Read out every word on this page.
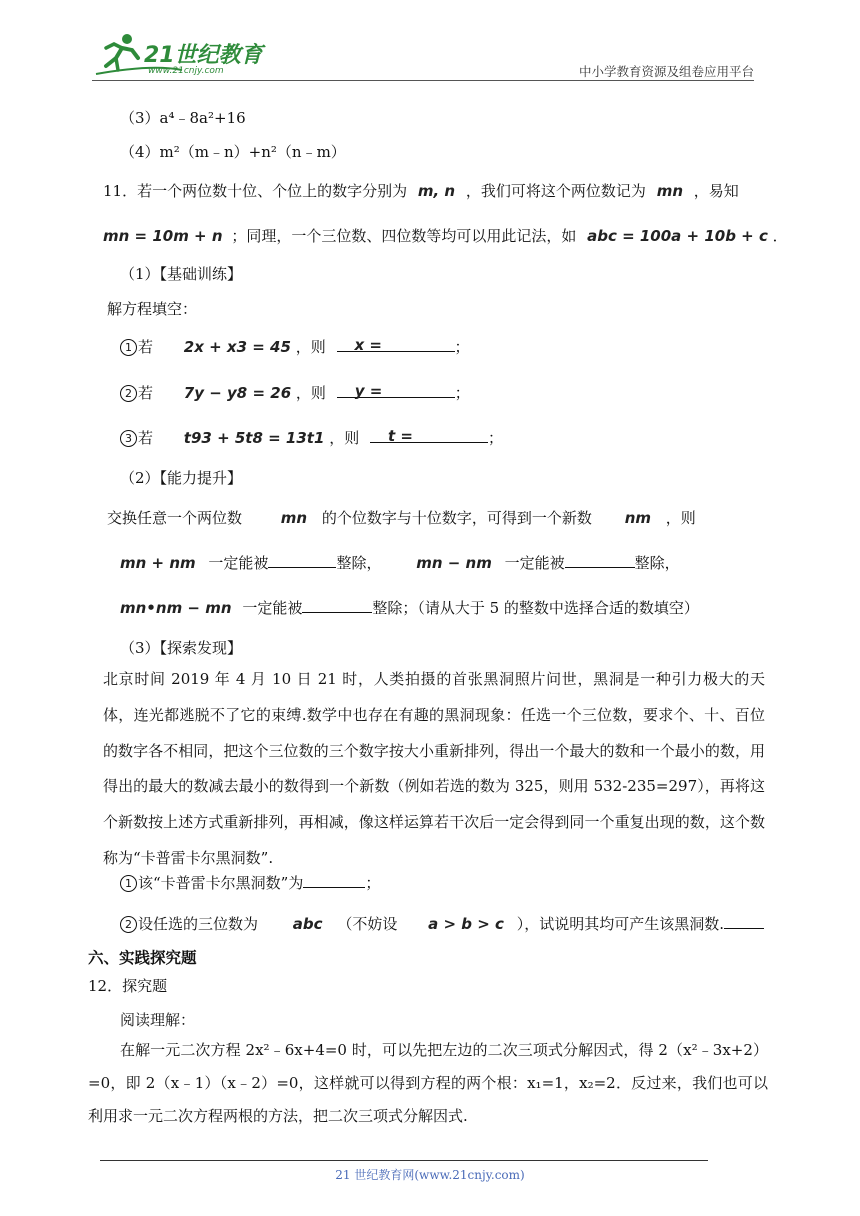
21世纪教育
www.21cnjy.com	中小学教育资源及组卷应用平台
（3）a⁴﹣8a²+16
（4）m²（m﹣n）+n²（n﹣m）
11．若一个两位数十位、个位上的数字分别为 m, n ，我们可将这个两位数记为 mn ，易知
mn = 10m + n ；同理，一个三位数、四位数等均可以用此记法，如 abc = 100a + 10b + c ．
（1）【基础训练】
解方程填空：
1 若 2x + x3 = 45 ，则 x =	；
2 若 7y − y8 = 26 ，则 y =	；
3 若 t93 + 5t8 = 13t1 ，则 t =	；
（2）【能力提升】
交换任意一个两位数	mn 的个位数字与十位数字，可得到一个新数 nm ，则
mn + nm 一定能被	整除， mn − nm 一定能被	整除，
mn•nm − mn 一定能被	整除；（请从大于 5 的整数中选择合适的数填空）
（3）【探索发现】
北京时间 2019 年 4 月 10 日 21 时，人类拍摄的首张黑洞照片问世，黑洞是一种引力极大的天体，连光都逃脱不了它的束缚.数学中也存在有趣的黑洞现象：任选一个三位数，要求个、十、百位的数字各不相同，把这个三位数的三个数字按大小重新排列，得出一个最大的数和一个最小的数，用得出的最大的数减去最小的数得到一个新数（例如若选的数为 325，则用 532-235=297），再将这个新数按上述方式重新排列，再相减，像这样运算若干次后一定会得到同一个重复出现的数，这个数称为“卡普雷卡尔黑洞数”.
1 该“卡普雷卡尔黑洞数”为	；
2 设任选的三位数为 abc （不妨设 a > b > c ），试说明其均可产生该黑洞数.
六、实践探究题
12．探究题
阅读理解：
在解一元二次方程 2x²﹣6x+4=0 时，可以先把左边的二次三项式分解因式，得 2（x²﹣3x+2）=0，即 2（x﹣1）（x﹣2）=0，这样就可以得到方程的两个根：x₁=1，x₂=2．反过来，我们也可以利用求一元二次方程两根的方法，把二次三项式分解因式.
21 世纪教育网(www.21cnjy.com)
